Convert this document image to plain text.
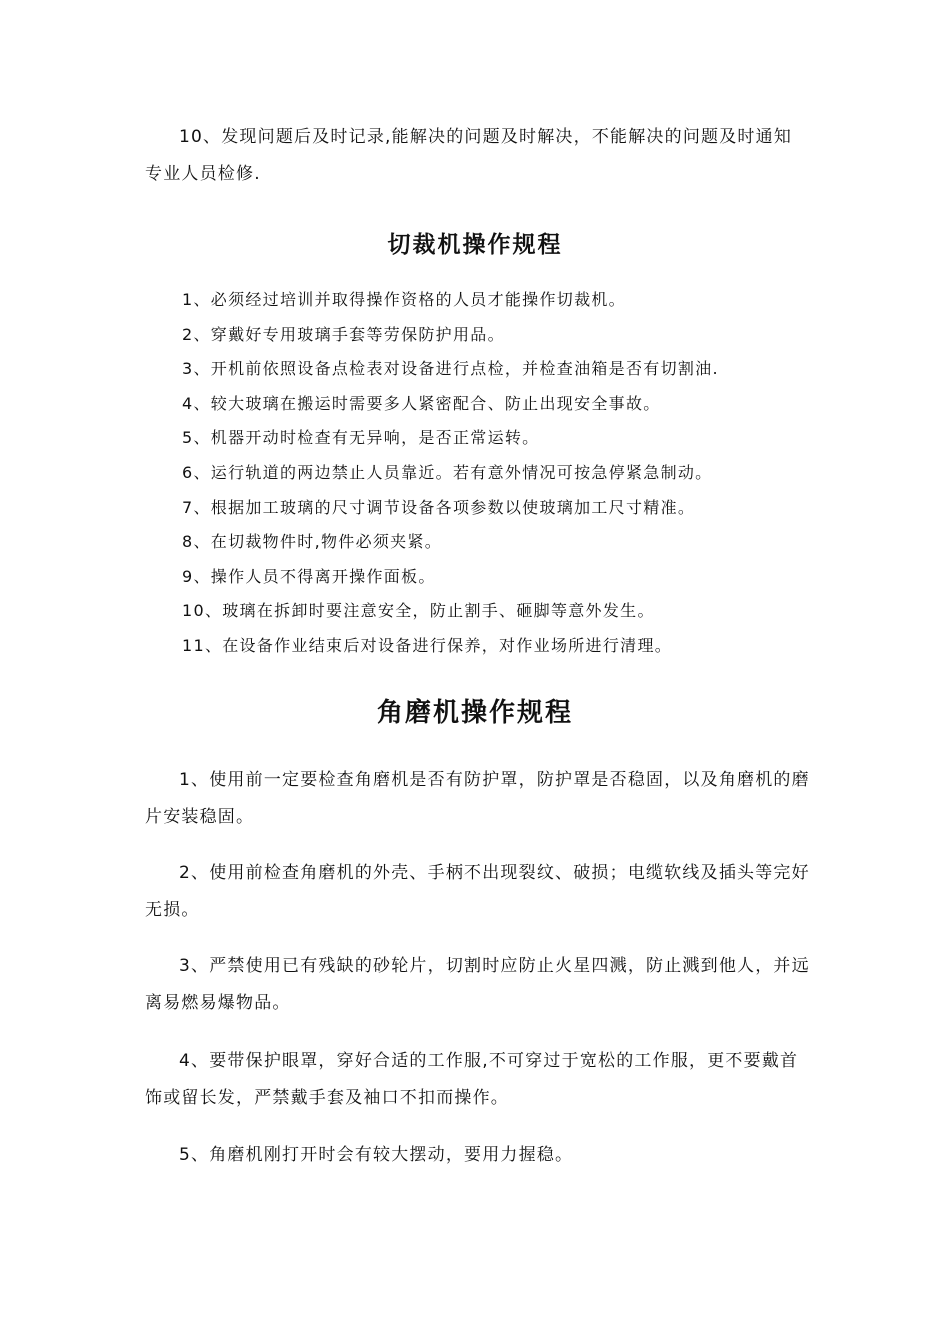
10、发现问题后及时记录,能解决的问题及时解决，不能解决的问题及时通知专业人员检修.

切裁机操作规程
1、必须经过培训并取得操作资格的人员才能操作切裁机。
2、穿戴好专用玻璃手套等劳保防护用品。
3、开机前依照设备点检表对设备进行点检，并检查油箱是否有切割油.
4、较大玻璃在搬运时需要多人紧密配合、防止出现安全事故。
5、机器开动时检查有无异响，是否正常运转。
6、运行轨道的两边禁止人员靠近。若有意外情况可按急停紧急制动。
7、根据加工玻璃的尺寸调节设备各项参数以使玻璃加工尺寸精准。
8、在切裁物件时,物件必须夹紧。
9、操作人员不得离开操作面板。
10、玻璃在拆卸时要注意安全，防止割手、砸脚等意外发生。
11、在设备作业结束后对设备进行保养，对作业场所进行清理。
角磨机操作规程

1、使用前一定要检查角磨机是否有防护罩，防护罩是否稳固，以及角磨机的磨片安装稳固。

2、使用前检查角磨机的外壳、手柄不出现裂纹、破损；电缆软线及插头等完好无损。

3、严禁使用已有残缺的砂轮片，切割时应防止火星四溅，防止溅到他人，并远离易燃易爆物品。

4、要带保护眼罩，穿好合适的工作服,不可穿过于宽松的工作服，更不要戴首饰或留长发，严禁戴手套及袖口不扣而操作。

5、角磨机刚打开时会有较大摆动，要用力握稳。
